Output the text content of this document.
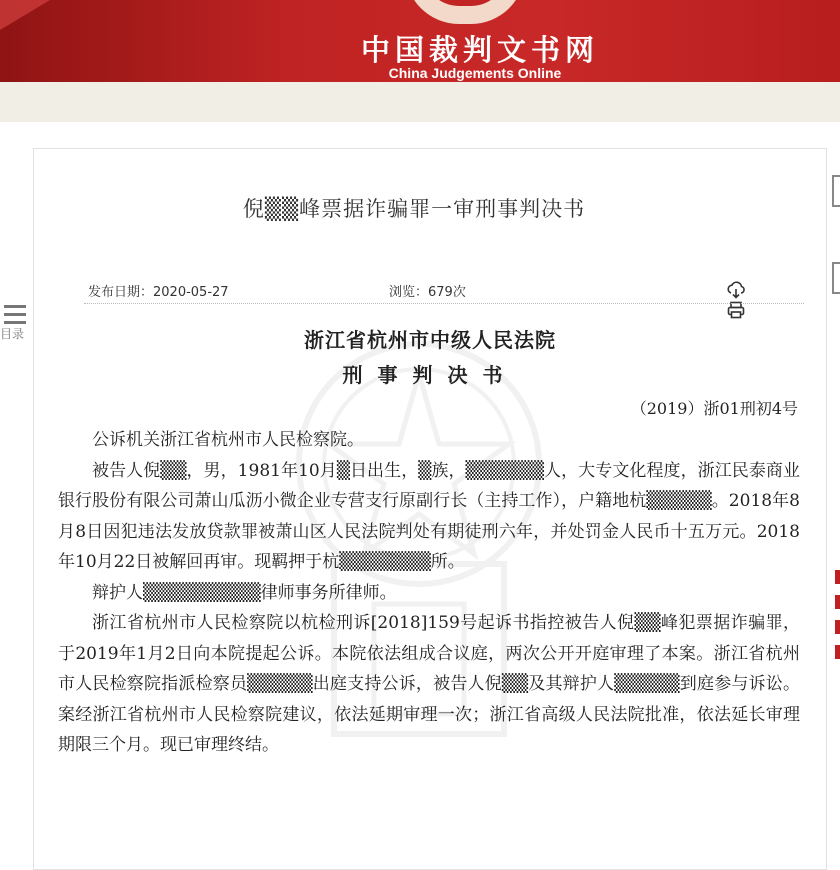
中国裁判文书网
China Judgements Online
目录
倪▒▒峰票据诈骗罪一审刑事判决书
发布日期：2020-05-27	浏览：679次

浙江省杭州市中级人民法院
刑事判决书
（2019）浙01刑初4号

公诉机关浙江省杭州市人民检察院。

被告人倪▒▒，男，1981年10月▒日出生，▒族，▒▒▒▒▒▒人，大专文化程度，浙江民泰商业银行股份有限公司萧山瓜沥小微企业专营支行原副行长（主持工作），户籍地杭▒▒▒▒▒。2018年8月8日因犯违法发放贷款罪被萧山区人民法院判处有期徒刑六年，并处罚金人民币十五万元。2018年10月22日被解回再审。现羁押于杭▒▒▒▒▒▒▒所。

辩护人▒▒▒▒▒▒▒▒▒律师事务所律师。

浙江省杭州市人民检察院以杭检刑诉[2018]159号起诉书指控被告人倪▒▒峰犯票据诈骗罪，于2019年1月2日向本院提起公诉。本院依法组成合议庭，两次公开开庭审理了本案。浙江省杭州市人民检察院指派检察员▒▒▒▒▒出庭支持公诉，被告人倪▒▒及其辩护人▒▒▒▒▒到庭参与诉讼。案经浙江省杭州市人民检察院建议，依法延期审理一次；浙江省高级人民法院批准，依法延长审理期限三个月。现已审理终结。
